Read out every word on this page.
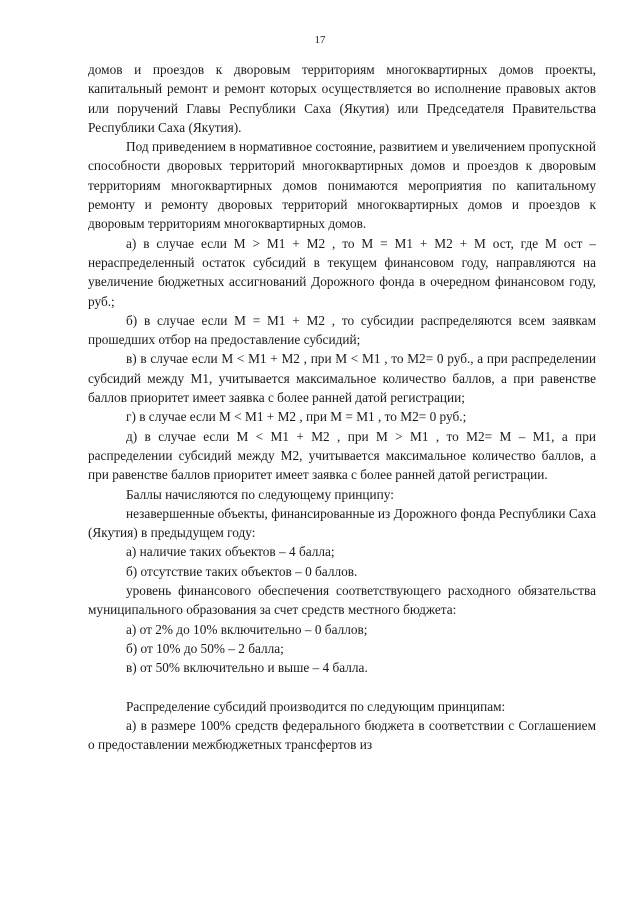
17

домов и проездов к дворовым территориям многоквартирных домов проекты, капитальный ремонт и ремонт которых осуществляется во исполнение правовых актов или поручений Главы Республики Саха (Якутия) или Председателя Правительства Республики Саха (Якутия).

Под приведением в нормативное состояние, развитием и увеличением пропускной способности дворовых территорий многоквартирных домов и проездов к дворовым территориям многоквартирных домов понимаются мероприятия по капитальному ремонту и ремонту дворовых территорий многоквартирных домов и проездов к дворовым территориям многоквартирных домов.

а) в случае если M > M1 + M2 , то M = M1 + M2 + M ост, где M ост – нераспределенный остаток субсидий в текущем финансовом году, направляются на увеличение бюджетных ассигнований Дорожного фонда в очередном финансовом году, руб.;

б) в случае если M = M1 + M2 , то субсидии распределяются всем заявкам прошедших отбор на предоставление субсидий;

в) в случае если M < M1 + M2 , при M < M1 , то M2= 0 руб., а при распределении субсидий между M1, учитывается максимальное количество баллов, а при равенстве баллов приоритет имеет заявка с более ранней датой регистрации;

г) в случае если M < M1 + M2 , при M = M1 , то M2= 0 руб.;

д) в случае если M < M1 + M2 , при M > M1 , то M2= M – M1, а при распределении субсидий между M2, учитывается максимальное количество баллов, а при равенстве баллов приоритет имеет заявка с более ранней датой регистрации.

Баллы начисляются по следующему принципу:

незавершенные объекты, финансированные из Дорожного фонда Республики Саха (Якутия) в предыдущем году:

а) наличие таких объектов – 4 балла;

б) отсутствие таких объектов – 0 баллов.

уровень финансового обеспечения соответствующего расходного обязательства муниципального образования за счет средств местного бюджета:

а) от 2% до 10% включительно – 0 баллов;

б) от 10% до 50% – 2 балла;

в) от 50% включительно и выше – 4 балла.

Распределение субсидий производится по следующим принципам:

а) в размере 100% средств федерального бюджета в соответствии с Соглашением о предоставлении межбюджетных трансфертов из
